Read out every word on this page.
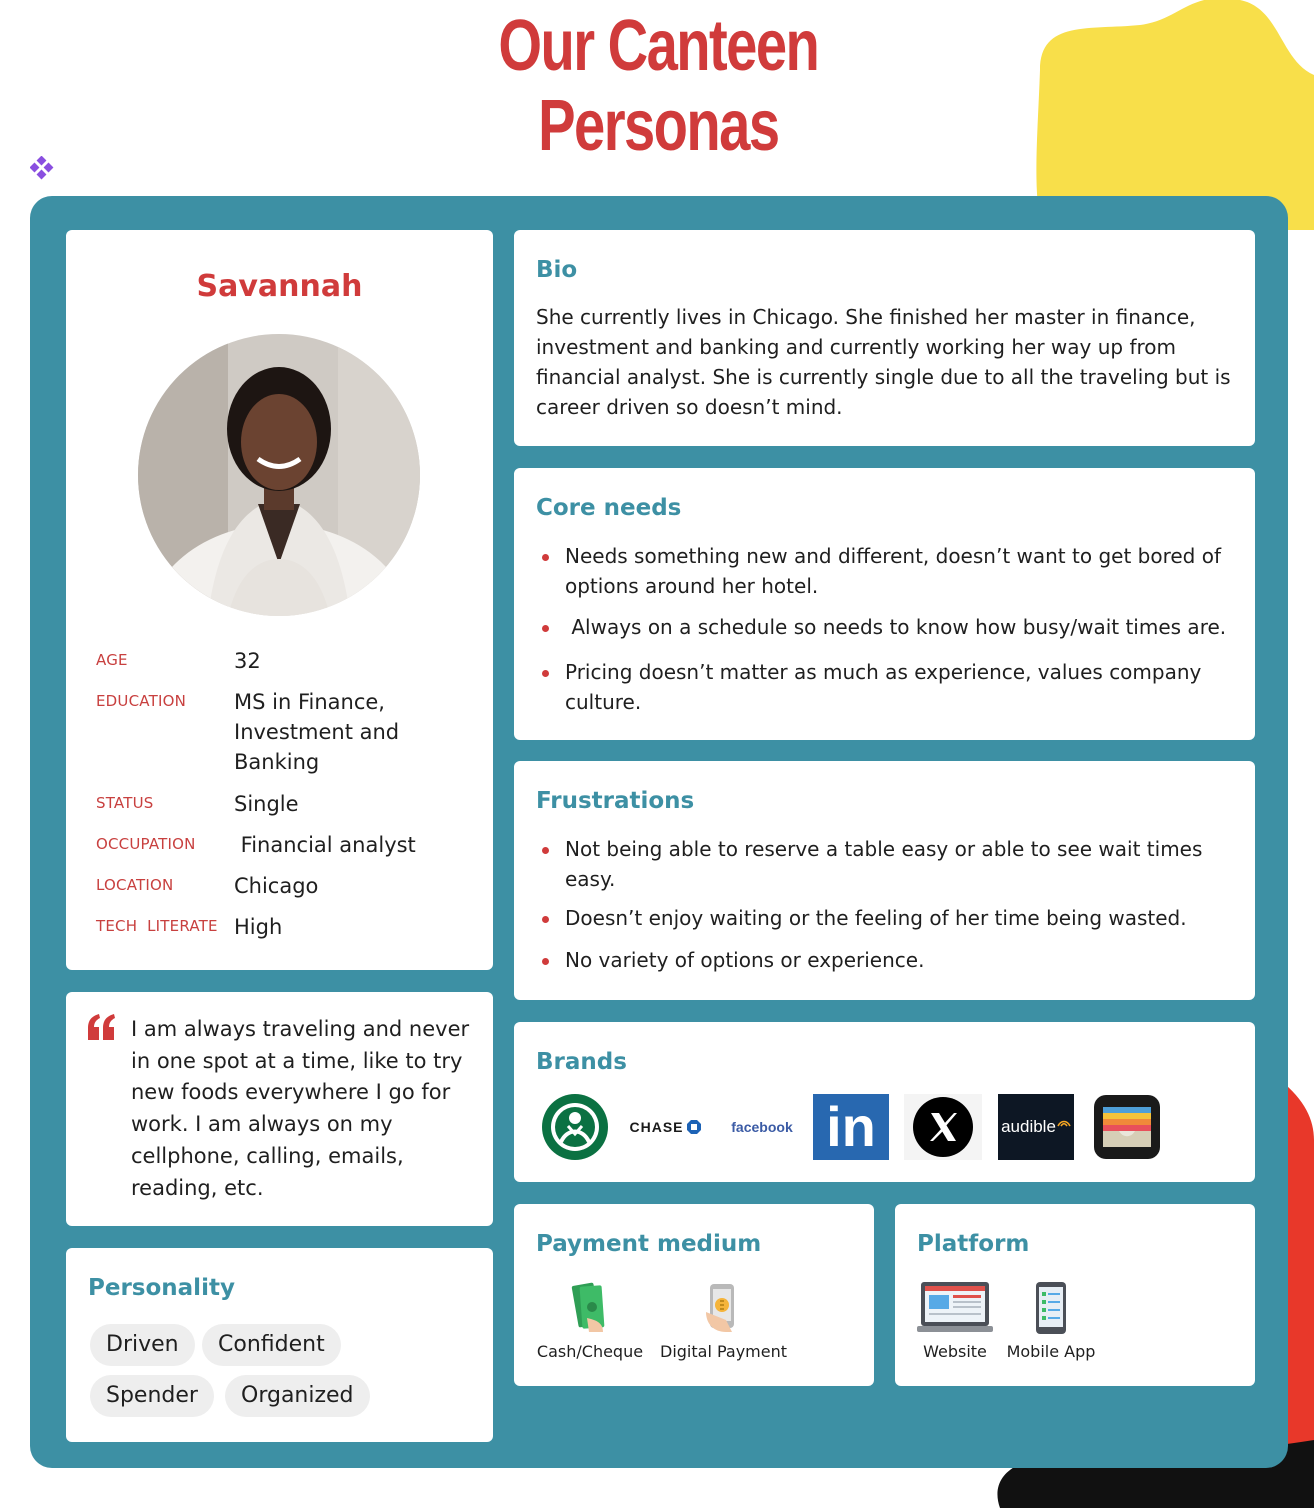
Our Canteen
Personas
Savannah
AGE	32
EDUCATION MS in Finance, Investment and Banking
STATUS	Single
OCCUPATION Financial analyst
LOCATION	Chicago
TECH  LITERATE High
I am always traveling and never in one spot at a time, like to try new foods everywhere I go for work. I am always on my cellphone, calling, emails, reading, etc.
Personality
Driven	Confident
Spender	Organized
Bio
She currently lives in Chicago. She finished her master in finance, investment and banking and currently working her way up from financial analyst. She is currently single due to all the traveling but is career driven so doesn’t mind.
Core needs
Needs something new and different, doesn’t want to get bored of options around her hotel.
Always on a schedule so needs to know how busy/wait times are.
Pricing doesn’t matter as much as experience, values company culture.
Frustrations
Not being able to reserve a table easy or able to see wait times easy.
Doesn’t enjoy waiting or the feeling of her time being wasted.
No variety of options or experience.
Brands
CHASE	facebook in	audible
Payment medium
Cash/Cheque Digital Payment
Platform
Website	Mobile App
